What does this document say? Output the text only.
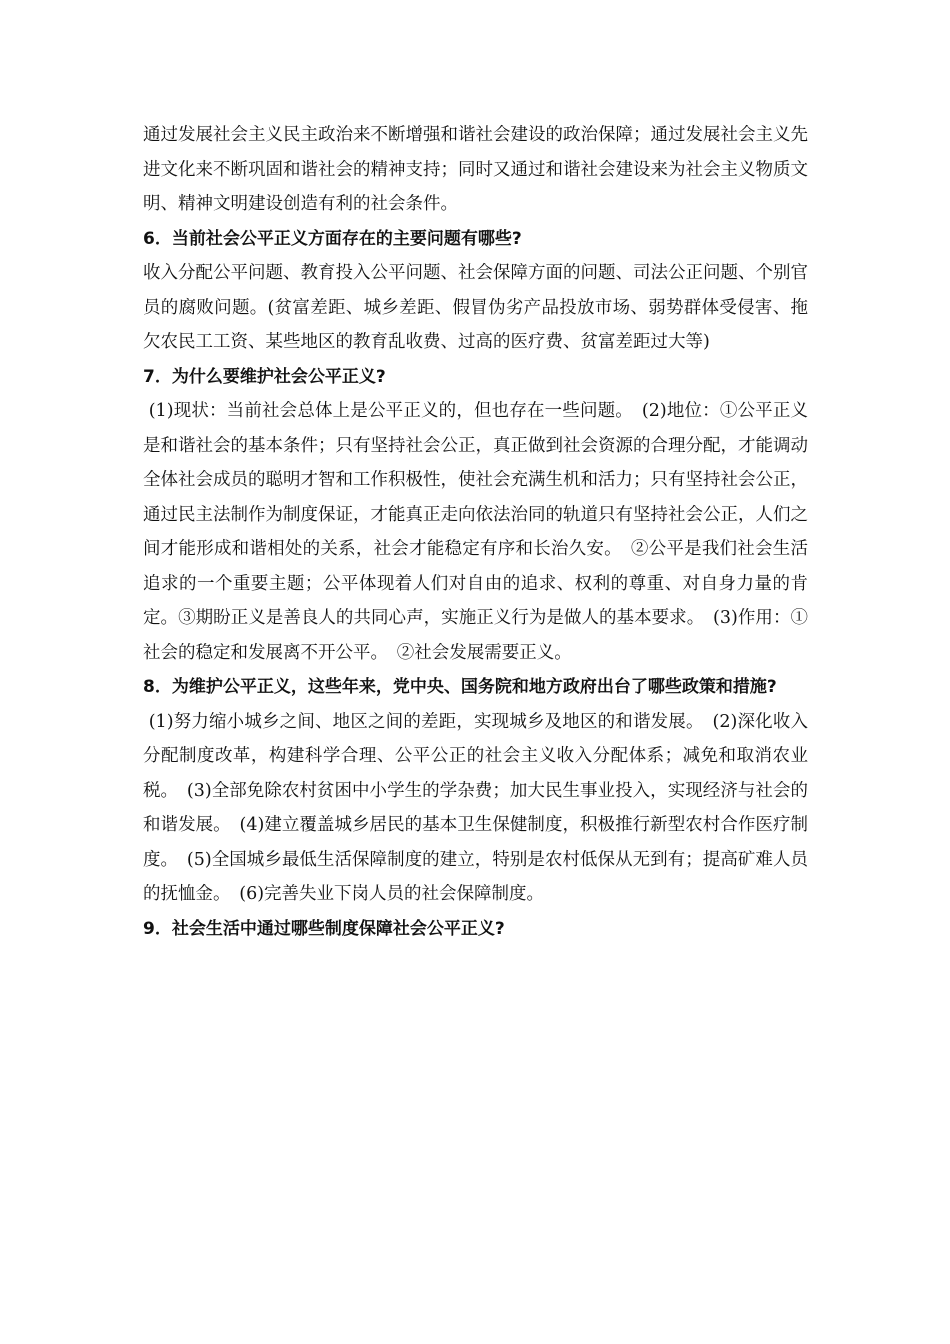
通过发展社会主义民主政治来不断增强和谐社会建设的政治保障；通过发展社会主义先进文化来不断巩固和谐社会的精神支持；同时又通过和谐社会建设来为社会主义物质文明、精神文明建设创造有利的社会条件。

6．当前社会公平正义方面存在的主要问题有哪些?

收入分配公平问题、教育投入公平问题、社会保障方面的问题、司法公正问题、个别官员的腐败问题。(贫富差距、城乡差距、假冒伪劣产品投放市场、弱势群体受侵害、拖欠农民工工资、某些地区的教育乱收费、过高的医疗费、贫富差距过大等)

7．为什么要维护社会公平正义?

(1)现状：当前社会总体上是公平正义的，但也存在一些问题。　(2)地位：①公平正义是和谐社会的基本条件；只有坚持社会公正，真正做到社会资源的合理分配，才能调动全体社会成员的聪明才智和工作积极性，使社会充满生机和活力；只有坚持社会公正，通过民主法制作为制度保证，才能真正走向依法治同的轨道只有坚持社会公正，人们之间才能形成和谐相处的关系，社会才能稳定有序和长治久安。　②公平是我们社会生活追求的一个重要主题；公平体现着人们对自由的追求、权利的尊重、对自身力量的肯定。③期盼正义是善良人的共同心声，实施正义行为是做人的基本要求。　(3)作用：①社会的稳定和发展离不开公平。　②社会发展需要正义。

8．为维护公平正义，这些年来，党中央、国务院和地方政府出台了哪些政策和措施?

(1)努力缩小城乡之间、地区之间的差距，实现城乡及地区的和谐发展。　(2)深化收入分配制度改革，构建科学合理、公平公正的社会主义收入分配体系；减免和取消农业税。　(3)全部免除农村贫困中小学生的学杂费；加大民生事业投入，实现经济与社会的和谐发展。　(4)建立覆盖城乡居民的基本卫生保健制度，积极推行新型农村合作医疗制度。　(5)全国城乡最低生活保障制度的建立，特别是农村低保从无到有；提高矿难人员的抚恤金。　(6)完善失业下岗人员的社会保障制度。

9．社会生活中通过哪些制度保障社会公平正义?
